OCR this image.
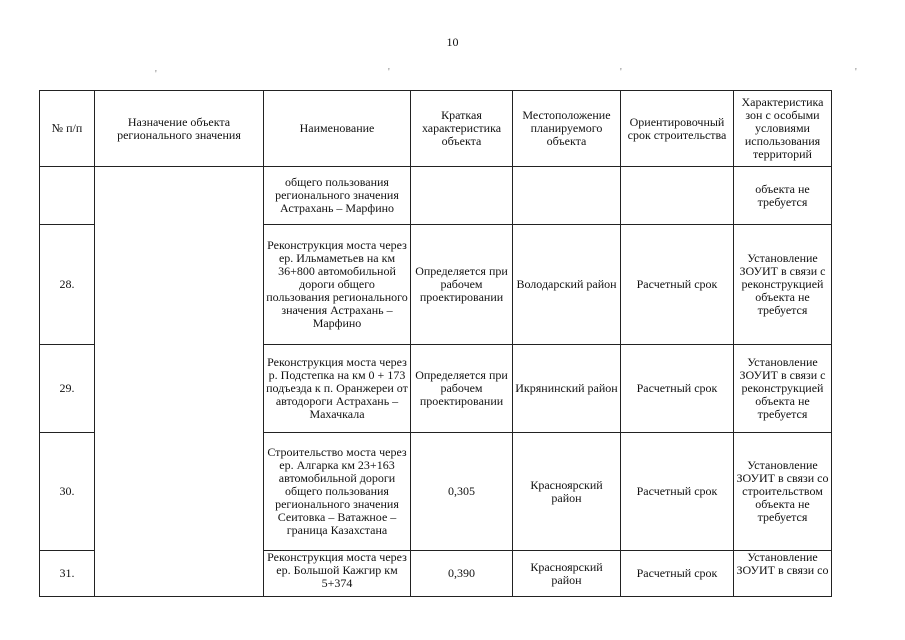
10
'	'	'	'
№ п/п	Назначение объекта регионального значения	Наименование	Краткая характеристика объекта	Местоположение планируемого объекта	Ориентировочный срок строительства	Характеристика зон с особыми условиями использования территорий
		общего пользования регионального значения Астрахань – Марфино				объекта не требуется
28.		Реконструкция моста через ер. Ильмаметьев на км 36+800 автомобильной дороги общего пользования регионального значения Астрахань – Марфино	Определяется при рабочем проектировании	Володарский район	Расчетный срок	Установление ЗОУИТ в связи с реконструкцией объекта не требуется
29.		Реконструкция моста через р. Подстепка на км 0 + 173 подъезда к п. Оранжереи от автодороги Астрахань – Махачкала	Определяется при рабочем проектировании	Икрянинский район	Расчетный срок	Установление ЗОУИТ в связи с реконструкцией объекта не требуется
30.		Строительство моста через ер. Алгарка км 23+163 автомобильной дороги общего пользования регионального значения Сеитовка – Ватажное – граница Казахстана	0,305	Красноярский район	Расчетный срок	Установление ЗОУИТ в связи со строительством объекта не требуется
31.		Реконструкция моста через ер. Большой Кажгир км 5+374	0,390	Красноярский район	Расчетный срок	Установление ЗОУИТ в связи со
